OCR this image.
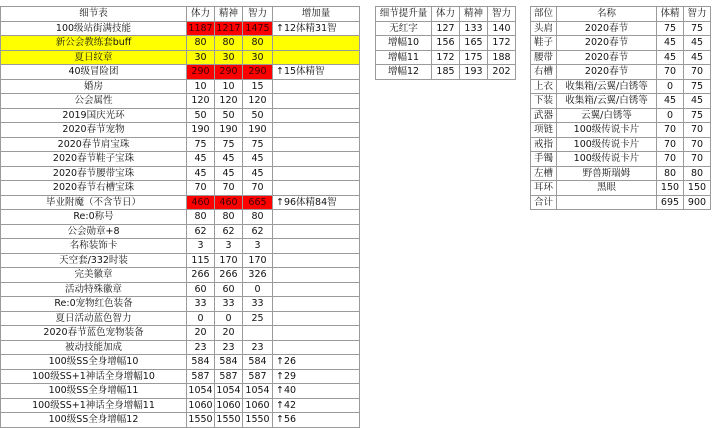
细节表	体力	精神	智力	增加量
100级站街满技能	1187	1217	1475	↑12体精31智
新公会教练套buff	80	80	80	
夏日纹章	30	30	30	
40级冒险团	290	290	290	↑15体精智
婚房	10	10	15	
公会属性	120	120	120	
2019国庆光环	50	50	50	
2020春节宠物	190	190	190	
2020春节肩宝珠	75	75	75	
2020春节鞋子宝珠	45	45	45	
2020春节腰带宝珠	45	45	45	
2020春节右槽宝珠	70	70	70	
毕业附魔（不含节日）	460	460	665	↑96体精84智
Re:0称号	80	80	80	
公会勋章+8	62	62	62	
名称装饰卡	3	3	3	
天空套/332时装	115	170	170	
完美徽章	266	266	326	
活动特殊徽章	60	60	0	
Re:0宠物红色装备	33	33	33	
夏日活动蓝色智力	0	0	25	
2020春节蓝色宠物装备	20	20		
被动技能加成	23	23	23	
100级SS全身增幅10	584	584	584	↑26
100级SS+1神话全身增幅10	587	587	587	↑29
100级SS全身增幅11	1054	1054	1054	↑40
100级SS+1神话全身增幅11	1060	1060	1060	↑42
100级SS全身增幅12	1550	1550	1550	↑56
细节提升量	体力	精神	智力
无红字	127	133	140
增幅10	156	165	172
增幅11	172	175	188
增幅12	185	193	202
部位	名称	体精	智力
头肩	2020春节	75	75
鞋子	2020春节	45	45
腰带	2020春节	45	45
右槽	2020春节	70	70
上衣	收集箱/云翼/白锈等	0	75
下装	收集箱/云翼/白锈等	45	45
武器	云翼/白锈等	0	75
项链	100级传说卡片	70	70
戒指	100级传说卡片	70	70
手镯	100级传说卡片	70	70
左槽	野兽斯瑞姆	80	80
耳环	黑眼	150	150
合计		695	900
